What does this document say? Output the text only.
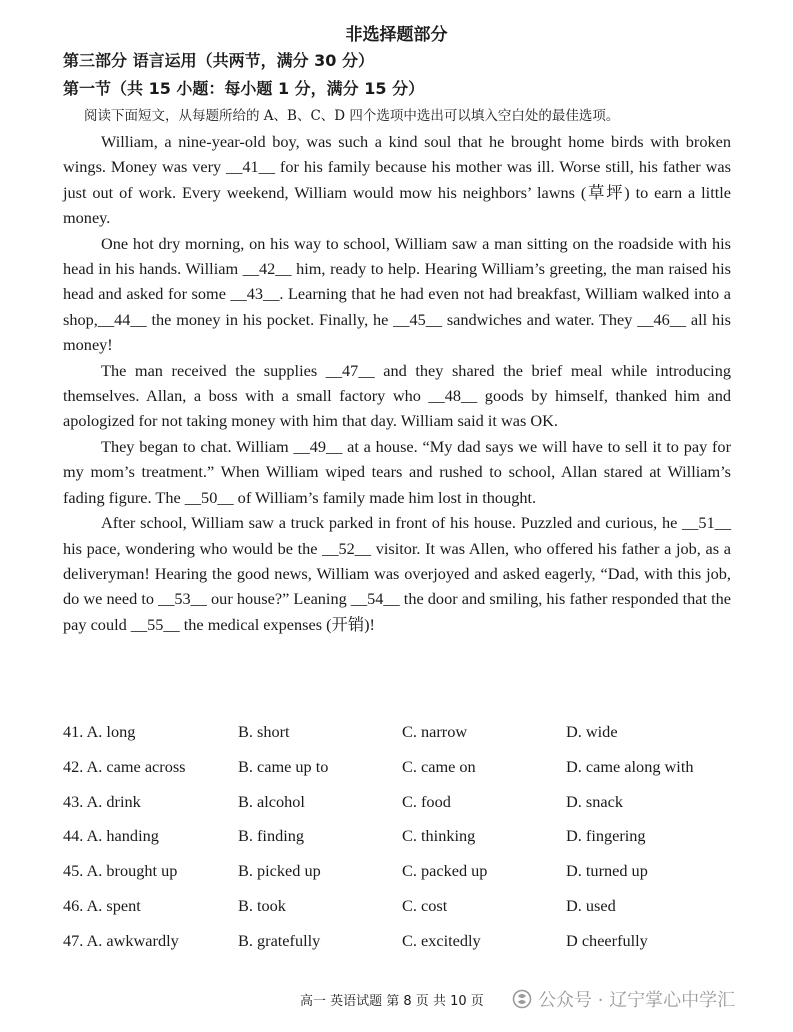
非选择题部分
第三部分 语言运用（共两节，满分 30 分）
第一节（共 15 小题：每小题 1 分，满分 15 分）
阅读下面短文，从每题所给的 A、B、C、D 四个选项中选出可以填入空白处的最佳选项。

William, a nine-year-old boy, was such a kind soul that he brought home birds with broken wings. Money was very __41__ for his family because his mother was ill. Worse still, his father was just out of work. Every weekend, William would mow his neighbors’ lawns (草坪) to earn a little money.

One hot dry morning, on his way to school, William saw a man sitting on the roadside with his head in his hands. William __42__ him, ready to help. Hearing William’s greeting, the man raised his head and asked for some __43__. Learning that he had even not had breakfast, William walked into a shop,__44__ the money in his pocket. Finally, he __45__ sandwiches and water. They __46__ all his money!

The man received the supplies __47__ and they shared the brief meal while introducing themselves. Allan, a boss with a small factory who __48__ goods by himself, thanked him and apologized for not taking money with him that day. William said it was OK.

They began to chat. William __49__ at a house. “My dad says we will have to sell it to pay for my mom’s treatment.” When William wiped tears and rushed to school, Allan stared at William’s fading figure. The __50__ of William’s family made him lost in thought.

After school, William saw a truck parked in front of his house. Puzzled and curious, he __51__ his pace, wondering who would be the __52__ visitor. It was Allen, who offered his father a job, as a deliveryman! Hearing the good news, William was overjoyed and asked eagerly, “Dad, with this job, do we need to __53__ our house?” Leaning __54__ the door and smiling, his father responded that the pay could __55__ the medical expenses (开销)!

41. A. long	B. short	C. narrow	D. wide
42. A. came across	B. came up to	C. came on	D. came along with
43. A. drink	B. alcohol	C. food	D. snack
44. A. handing	B. finding	C. thinking	D. fingering
45. A. brought up	B. picked up	C. packed up	D. turned up
46. A. spent	B. took	C. cost	D. used
47. A. awkwardly	B. gratefully	C. excitedly	D cheerfully
高一 英语试题 第 8 页 共 10 页	公众号 · 辽宁掌心中学汇
